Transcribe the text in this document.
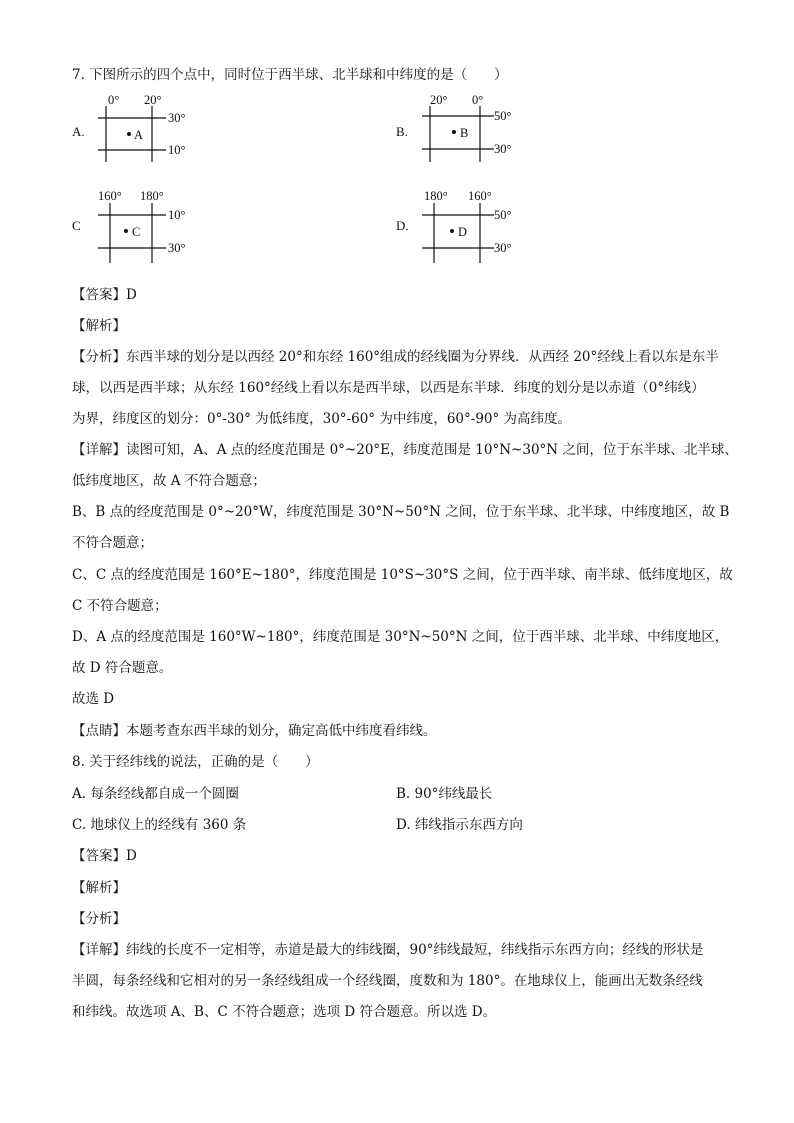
7. 下图所示的四个点中，同时位于西半球、北半球和中纬度的是（　　）
A.
0° 20°
30°
10°
A	B.
20° 0°
50°
30°
B
C
160° 180°
10°
30°
C	D.
180° 160°
50°
30°
D
【答案】D
【解析】
【分析】东西半球的划分是以西经 20°和东经 160°组成的经线圈为分界线．从西经 20°经线上看以东是东半
球，以西是西半球；从东经 160°经线上看以东是西半球，以西是东半球．纬度的划分是以赤道（0°纬线）
为界，纬度区的划分：0°-30° 为低纬度，30°-60° 为中纬度，60°-90° 为高纬度。
【详解】读图可知，A、A 点的经度范围是 0°~20°E，纬度范围是 10°N~30°N 之间，位于东半球、北半球、
低纬度地区，故 A 不符合题意；
B、B 点的经度范围是 0°~20°W，纬度范围是 30°N~50°N 之间，位于东半球、北半球、中纬度地区，故 B
不符合题意；
C、C 点的经度范围是 160°E~180°，纬度范围是 10°S~30°S 之间，位于西半球、南半球、低纬度地区，故
C 不符合题意；
D、A 点的经度范围是 160°W~180°，纬度范围是 30°N~50°N 之间，位于西半球、北半球、中纬度地区，
故 D 符合题意。
故选 D
【点睛】本题考查东西半球的划分，确定高低中纬度看纬线。
8. 关于经纬线的说法，正确的是（　　）
A. 每条经线都自成一个圆圈	B. 90°纬线最长
C. 地球仪上的经线有 360 条	D. 纬线指示东西方向
【答案】D
【解析】
【分析】
【详解】纬线的长度不一定相等，赤道是最大的纬线圈，90°纬线最短，纬线指示东西方向；经线的形状是
半圆，每条经线和它相对的另一条经线组成一个经线圈，度数和为 180°。在地球仪上，能画出无数条经线
和纬线。故选项 A、B、C 不符合题意；选项 D 符合题意。所以选 D。
